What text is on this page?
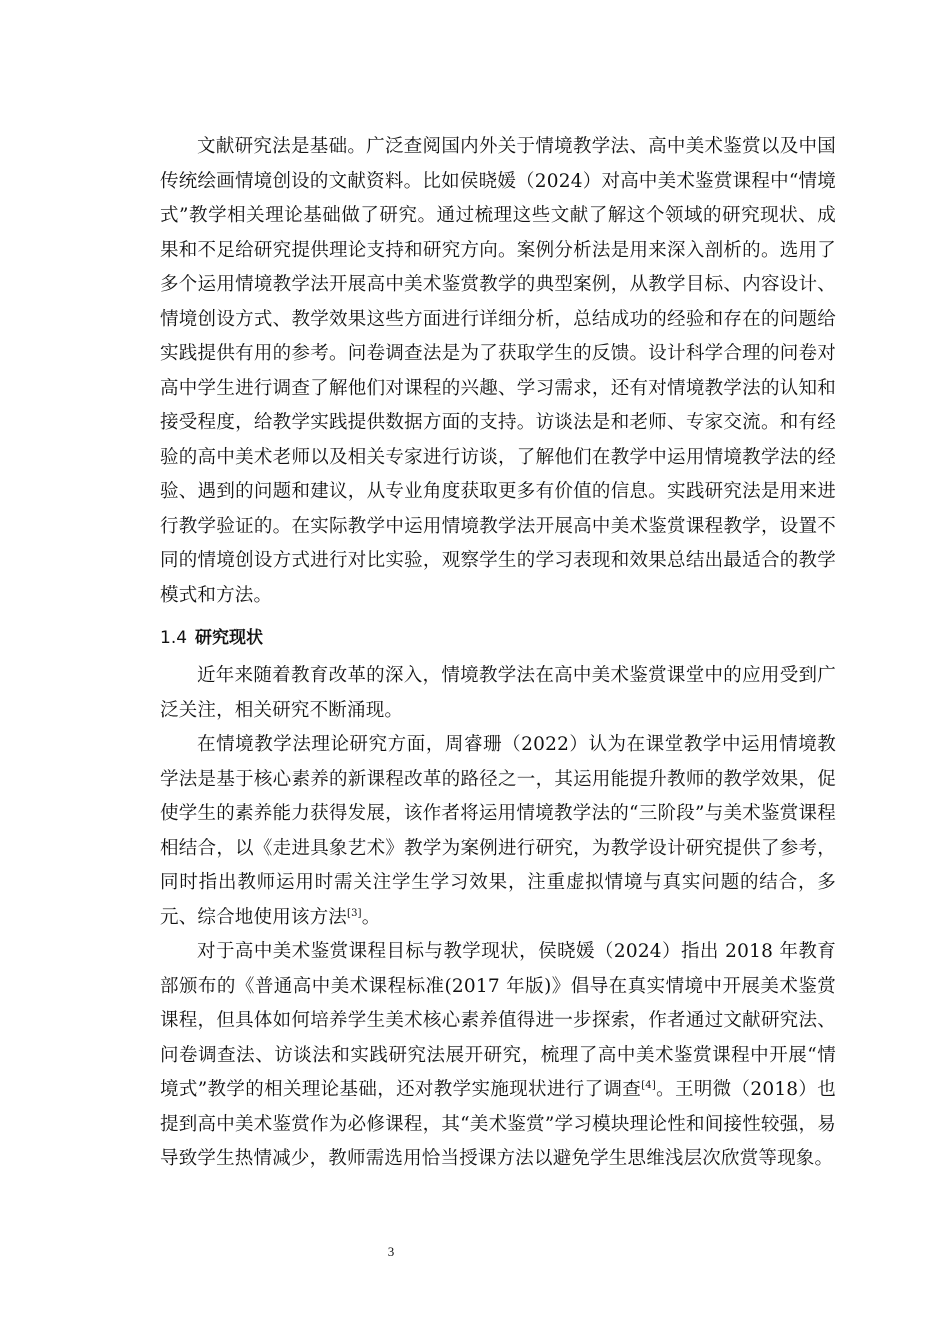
文献研究法是基础。广泛查阅国内外关于情境教学法、高中美术鉴赏以及中国传统绘画情境创设的文献资料。比如侯晓媛（2024）对高中美术鉴赏课程中“情境式”教学相关理论基础做了研究。通过梳理这些文献了解这个领域的研究现状、成果和不足给研究提供理论支持和研究方向。案例分析法是用来深入剖析的。选用了多个运用情境教学法开展高中美术鉴赏教学的典型案例，从教学目标、内容设计、情境创设方式、教学效果这些方面进行详细分析，总结成功的经验和存在的问题给实践提供有用的参考。问卷调查法是为了获取学生的反馈。设计科学合理的问卷对高中学生进行调查了解他们对课程的兴趣、学习需求，还有对情境教学法的认知和接受程度，给教学实践提供数据方面的支持。访谈法是和老师、专家交流。和有经验的高中美术老师以及相关专家进行访谈，了解他们在教学中运用情境教学法的经验、遇到的问题和建议，从专业角度获取更多有价值的信息。实践研究法是用来进行教学验证的。在实际教学中运用情境教学法开展高中美术鉴赏课程教学，设置不同的情境创设方式进行对比实验，观察学生的学习表现和效果总结出最适合的教学模式和方法。

1.4 研究现状

近年来随着教育改革的深入，情境教学法在高中美术鉴赏课堂中的应用受到广泛关注，相关研究不断涌现。

在情境教学法理论研究方面，周睿珊（2022）认为在课堂教学中运用情境教学法是基于核心素养的新课程改革的路径之一，其运用能提升教师的教学效果，促使学生的素养能力获得发展，该作者将运用情境教学法的“三阶段”与美术鉴赏课程相结合，以《走进具象艺术》教学为案例进行研究，为教学设计研究提供了参考，同时指出教师运用时需关注学生学习效果，注重虚拟情境与真实问题的结合，多元、综合地使用该方法[3]。

对于高中美术鉴赏课程目标与教学现状，侯晓媛（2024）指出 2018 年教育部颁布的《普通高中美术课程标准(2017 年版)》倡导在真实情境中开展美术鉴赏课程，但具体如何培养学生美术核心素养值得进一步探索，作者通过文献研究法、问卷调查法、访谈法和实践研究法展开研究，梳理了高中美术鉴赏课程中开展“情境式”教学的相关理论基础，还对教学实施现状进行了调查[4]。王明微（2018）也提到高中美术鉴赏作为必修课程，其“美术鉴赏”学习模块理论性和间接性较强，易导致学生热情减少，教师需选用恰当授课方法以避免学生思维浅层次欣赏等现象。

3
